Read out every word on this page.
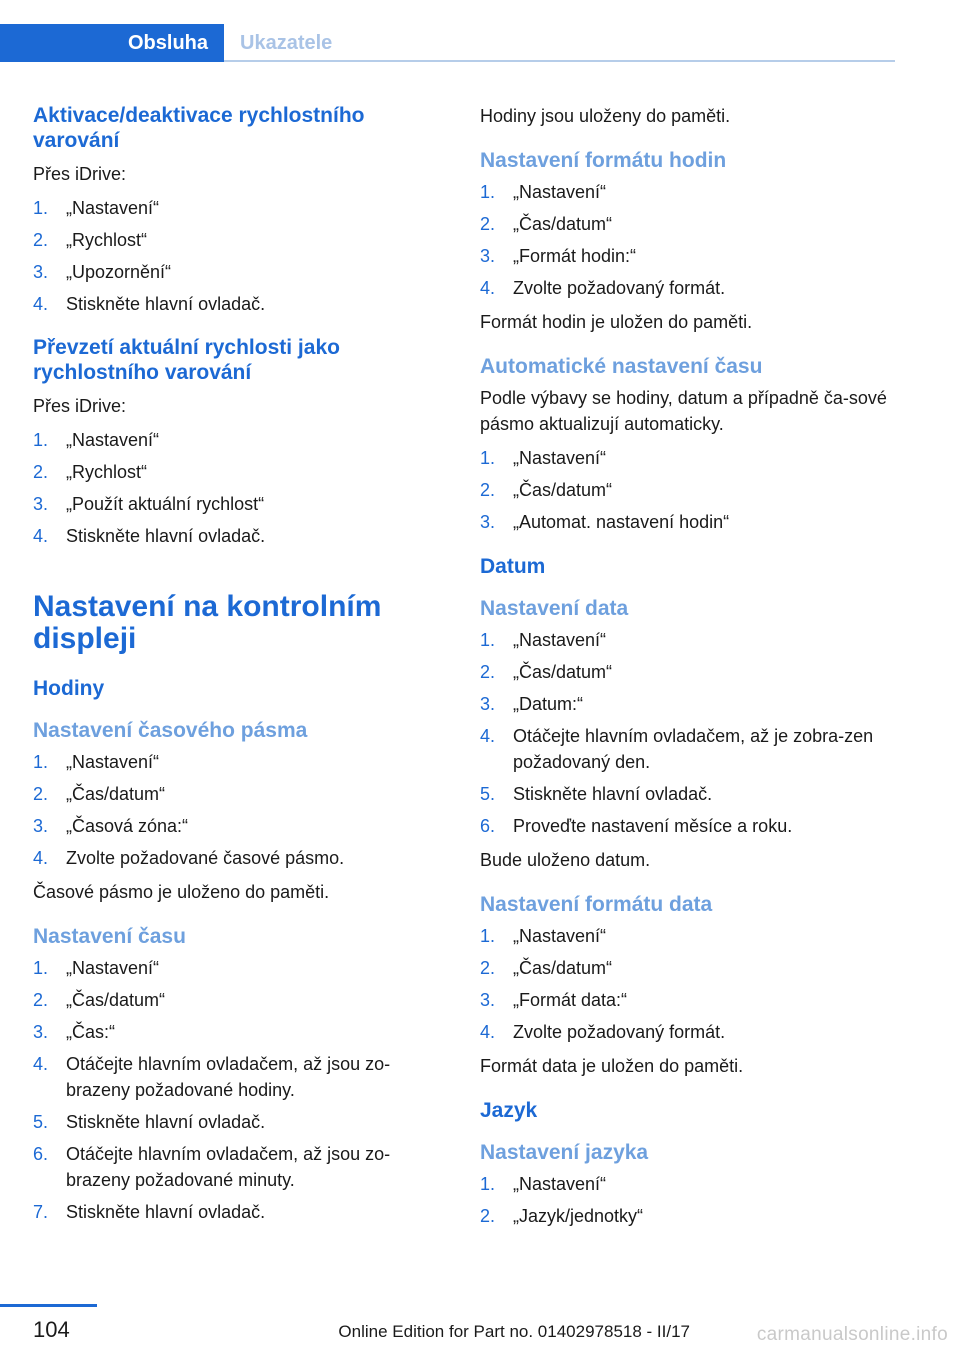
Obsluha Ukazatele
Aktivace/deaktivace rychlostního varování
Přes iDrive:
1. „Nastavení“
2. „Rychlost“
3. „Upozornění“
4. Stiskněte hlavní ovladač.
Převzetí aktuální rychlosti jako rychlostního varování
Přes iDrive:
1. „Nastavení“
2. „Rychlost“
3. „Použít aktuální rychlost“
4. Stiskněte hlavní ovladač.
Nastavení na kontrolním displeji
Hodiny
Nastavení časového pásma
1. „Nastavení“
2. „Čas/datum“
3. „Časová zóna:“
4. Zvolte požadované časové pásmo.
Časové pásmo je uloženo do paměti.
Nastavení času
1. „Nastavení“
2. „Čas/datum“
3. „Čas:“
4. Otáčejte hlavním ovladačem, až jsou zo-brazeny požadované hodiny.
5. Stiskněte hlavní ovladač.
6. Otáčejte hlavním ovladačem, až jsou zo-brazeny požadované minuty.
7. Stiskněte hlavní ovladač.
Hodiny jsou uloženy do paměti.
Nastavení formátu hodin
1. „Nastavení“
2. „Čas/datum“
3. „Formát hodin:“
4. Zvolte požadovaný formát.
Formát hodin je uložen do paměti.
Automatické nastavení času
Podle výbavy se hodiny, datum a případně ča-sové pásmo aktualizují automaticky.
1. „Nastavení“
2. „Čas/datum“
3. „Automat. nastavení hodin“
Datum
Nastavení data
1. „Nastavení“
2. „Čas/datum“
3. „Datum:“
4. Otáčejte hlavním ovladačem, až je zobra-zen požadovaný den.
5. Stiskněte hlavní ovladač.
6. Proveďte nastavení měsíce a roku.
Bude uloženo datum.
Nastavení formátu data
1. „Nastavení“
2. „Čas/datum“
3. „Formát data:“
4. Zvolte požadovaný formát.
Formát data je uložen do paměti.
Jazyk
Nastavení jazyka
1. „Nastavení“
2. „Jazyk/jednotky“
104	Online Edition for Part no. 01402978518 - II/17	carmanualsonline.info
